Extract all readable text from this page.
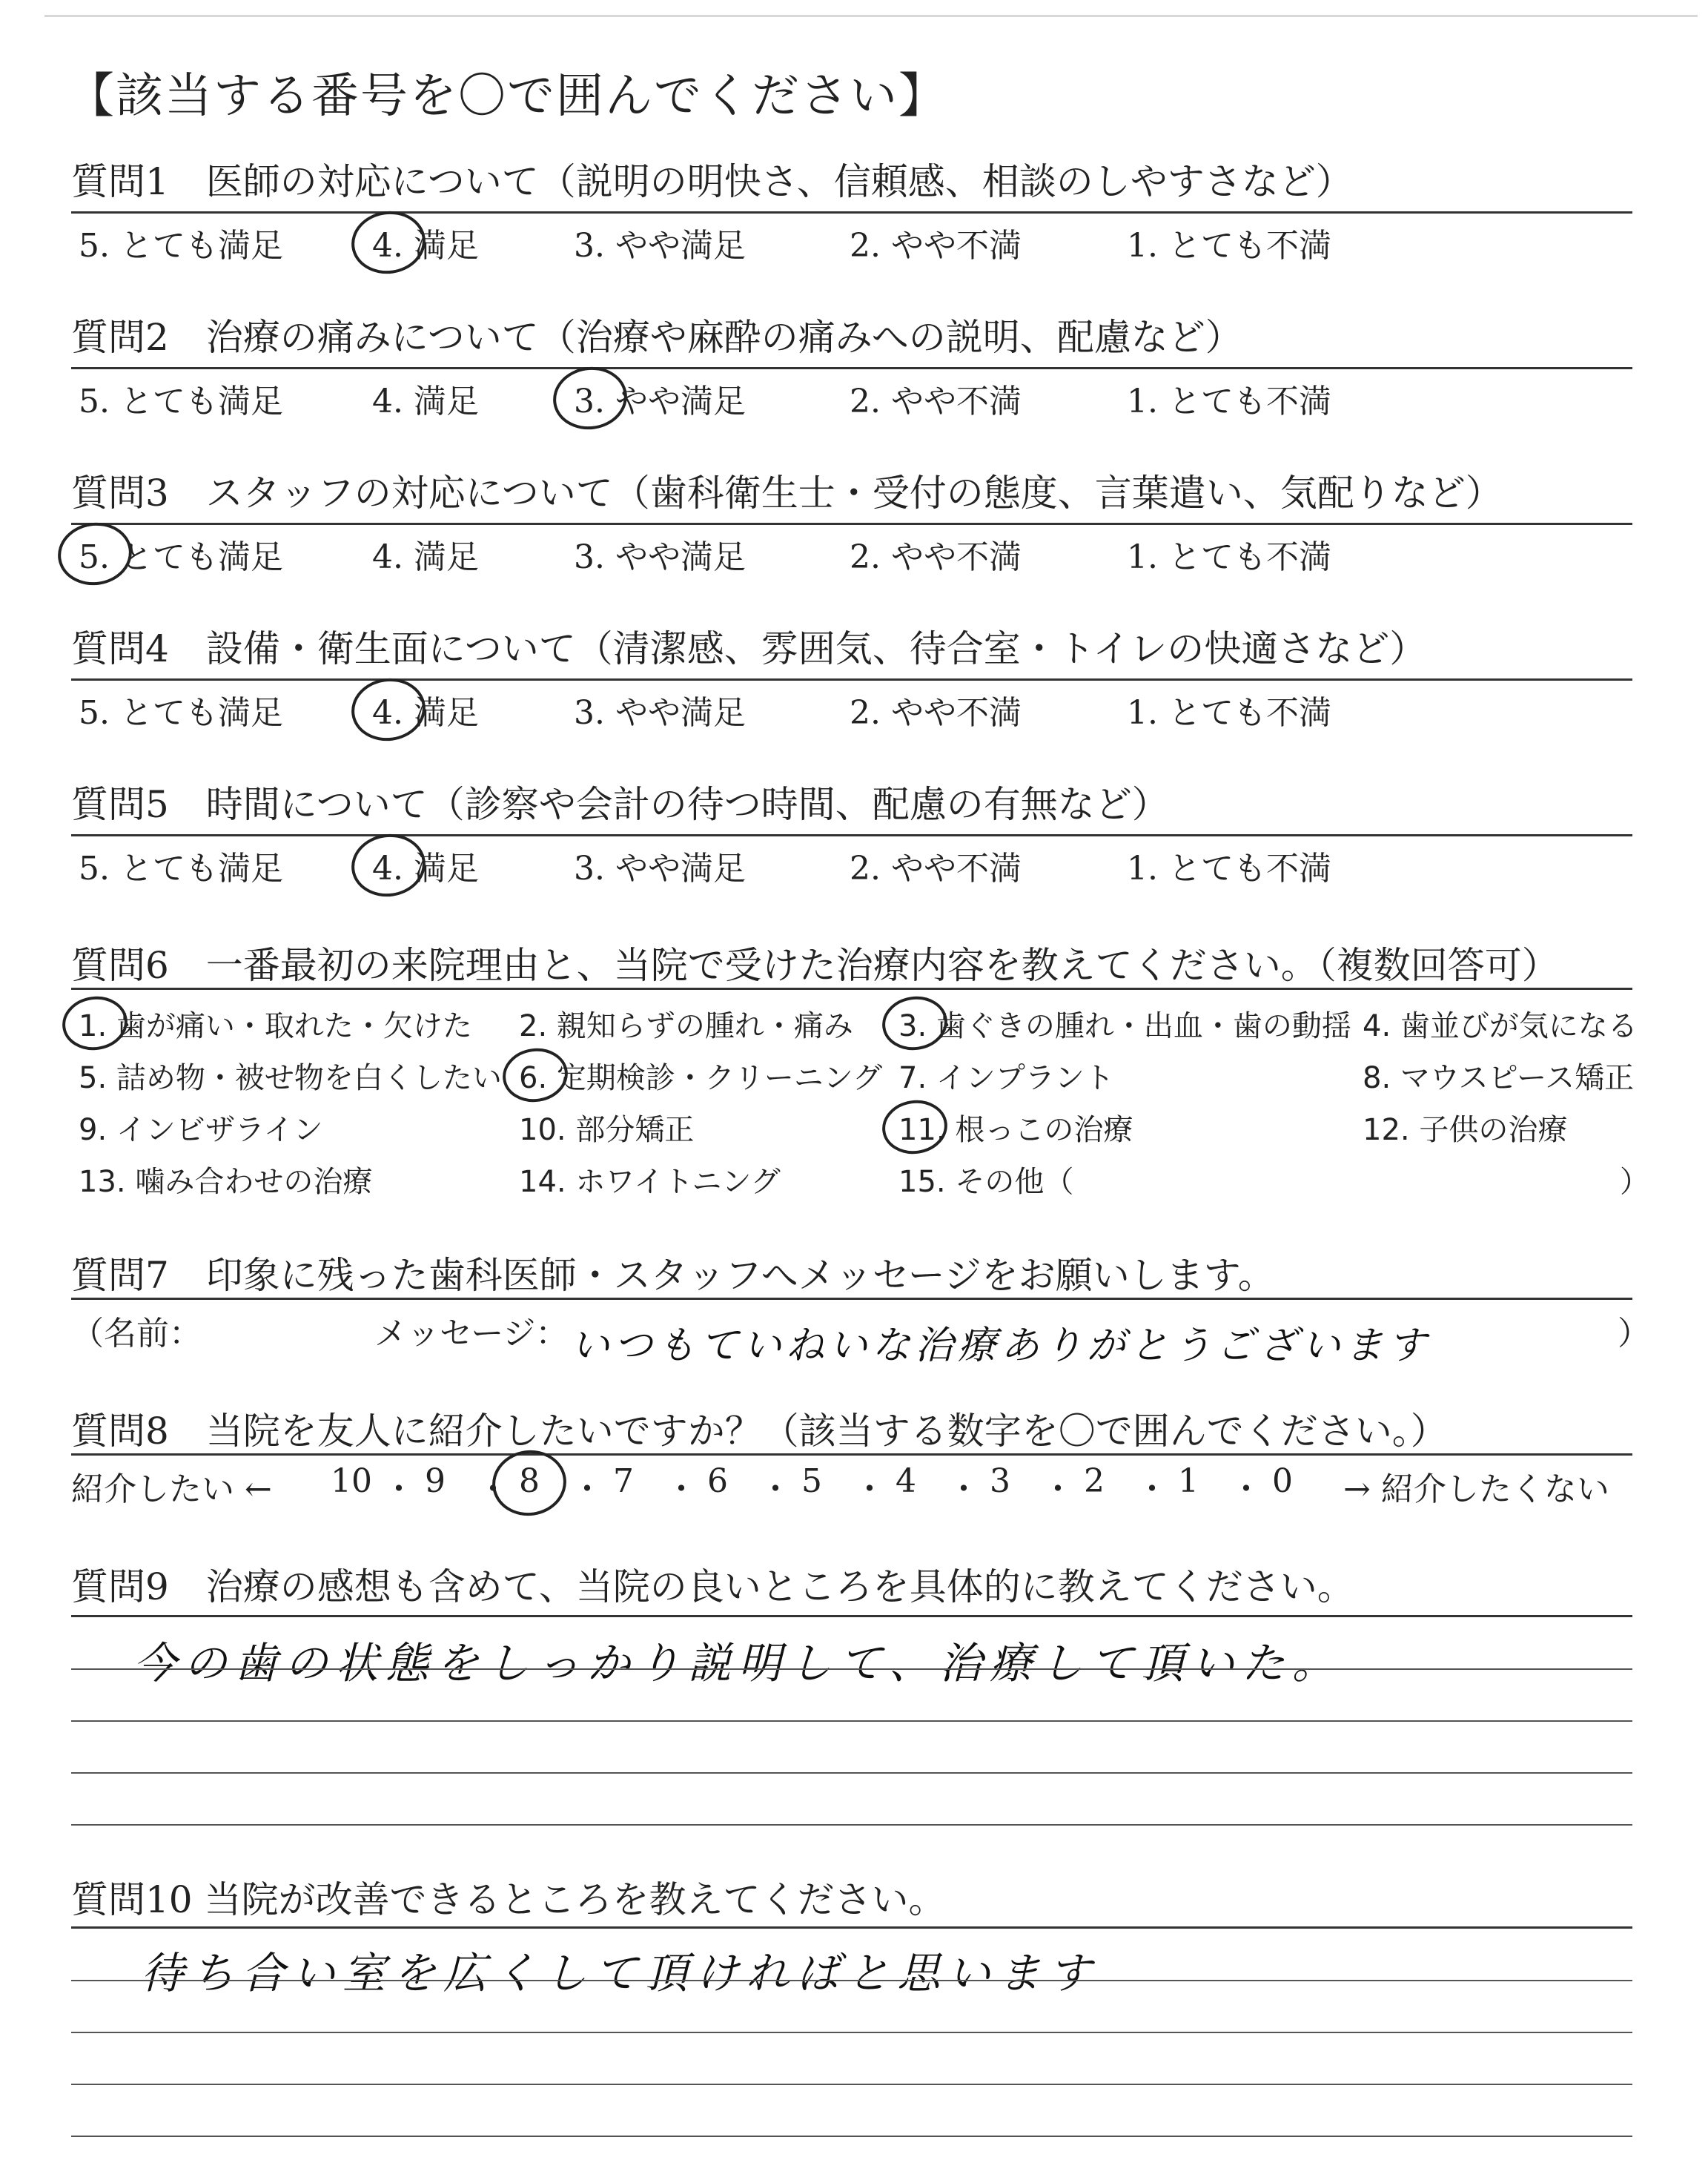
【該当する番号を〇で囲んでください】
質問1　医師の対応について（説明の明快さ、信頼感、相談のしやすさなど）
5. とても満足	4. 満足	3. やや満足	2. やや不満	1. とても不満
質問2　治療の痛みについて（治療や麻酔の痛みへの説明、配慮など）
5. とても満足	4. 満足	3. やや満足	2. やや不満	1. とても不満
質問3　スタッフの対応について（歯科衛生士・受付の態度、言葉遣い、気配りなど）
5. とても満足	4. 満足	3. やや満足	2. やや不満	1. とても不満
質問4　設備・衛生面について（清潔感、雰囲気、待合室・トイレの快適さなど）
5. とても満足	4. 満足	3. やや満足	2. やや不満	1. とても不満
質問5　時間について（診察や会計の待つ時間、配慮の有無など）
5. とても満足	4. 満足	3. やや満足	2. やや不満	1. とても不満
質問6　一番最初の来院理由と、当院で受けた治療内容を教えてください。（複数回答可）
1. 歯が痛い・取れた・欠けた 2. 親知らずの腫れ・痛み 3. 歯ぐきの腫れ・出血・歯の動揺 4. 歯並びが気になる
5. 詰め物・被せ物を白くしたい 6. 定期検診・クリーニング 7. インプラント	8. マウスピース矯正
9. インビザライン	10. 部分矯正	11. 根っこの治療	12. 子供の治療
13. 噛み合わせの治療	14. ホワイトニング	15. その他（	）
質問7　印象に残った歯科医師・スタッフへメッセージをお願いします。
（名前：	メッセージ： いつもていねいな治療ありがとうございます	）
質問8　当院を友人に紹介したいですか？（該当する数字を〇で囲んでください。）
紹介したい ← 10 ・ 9 ・ 8 ・ 7 ・ 6 ・ 5 ・ 4 ・ 3 ・ 2 ・ 1 ・ 0 → 紹介したくない
質問9　治療の感想も含めて、当院の良いところを具体的に教えてください。
今の歯の状態をしっかり説明して、治療して頂いた。
質問10 当院が改善できるところを教えてください。
待ち合い室を広くして頂ければと思います
